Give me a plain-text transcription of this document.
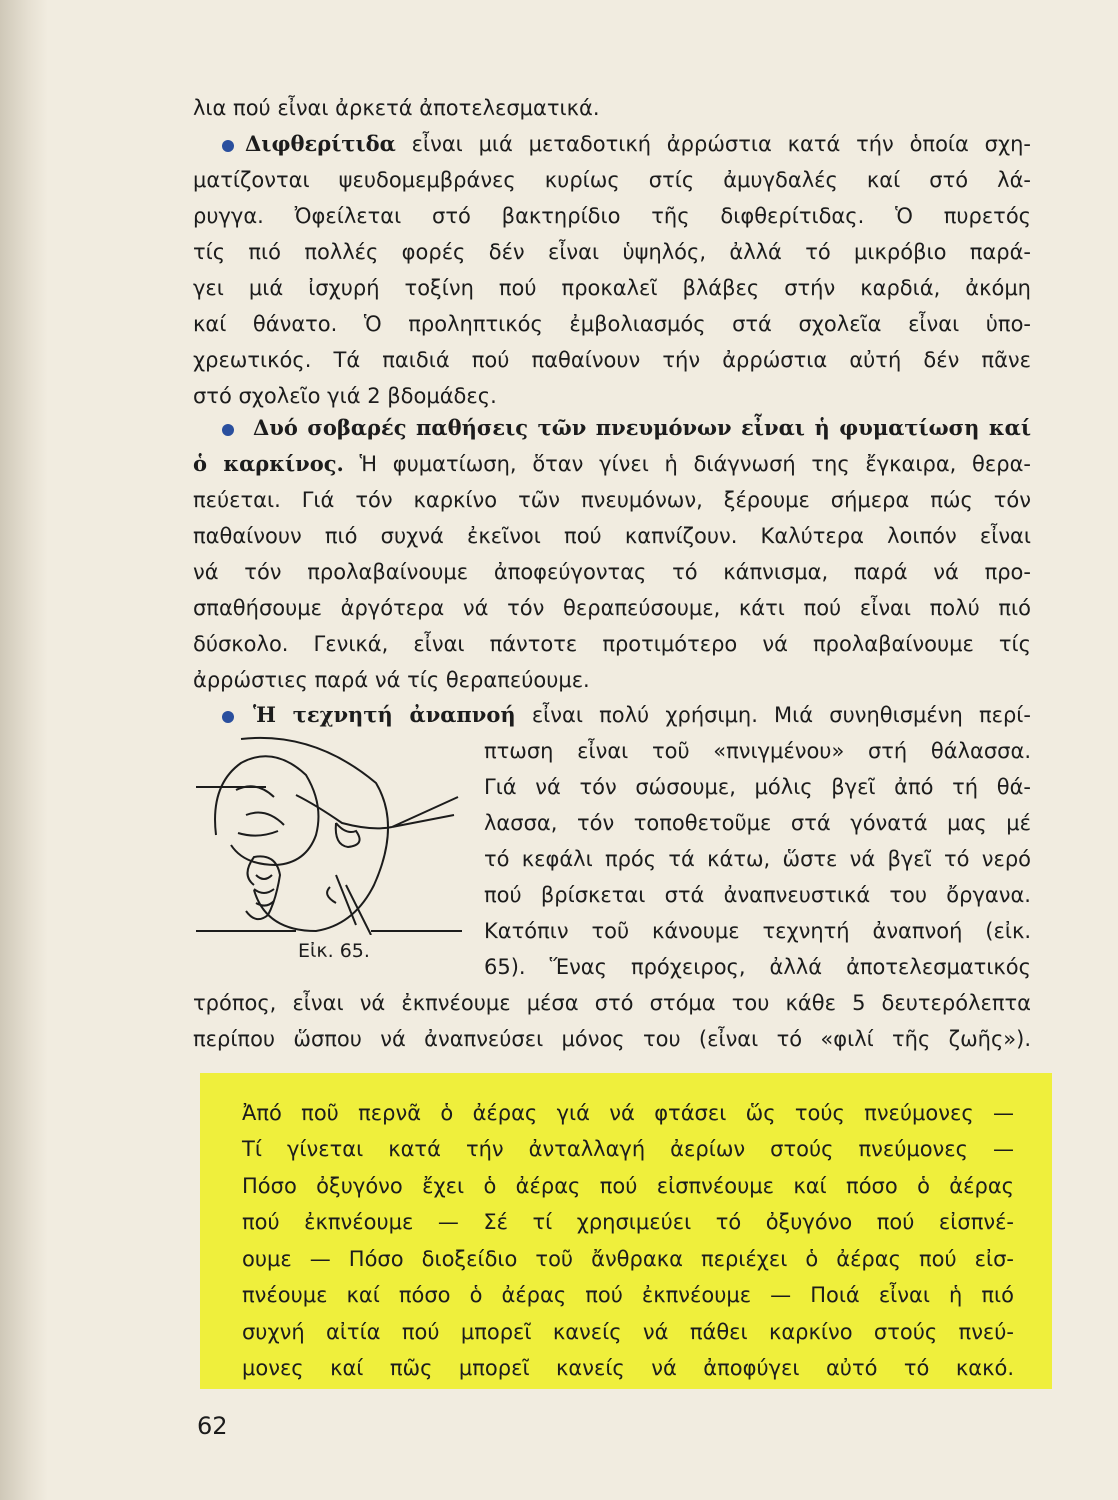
λια πού εἶναι ἀρκετά ἀποτελεσματικά.
Διφθερίτιδα εἶναι μιά μεταδοτική ἀρρώστια κατά τήν ὁποία σχη-
ματίζονται ψευδομεμβράνες κυρίως στίς ἀμυγδαλές καί στό λά-
ρυγγα. Ὀφείλεται στό βακτηρίδιο τῆς διφθερίτιδας. Ὁ πυρετός
τίς πιό πολλές φορές δέν εἶναι ὑψηλός, ἀλλά τό μικρόβιο παρά-
γει μιά ἰσχυρή τοξίνη πού προκαλεῖ βλάβες στήν καρδιά, ἀκόμη
καί θάνατο. Ὁ προληπτικός ἐμβολιασμός στά σχολεῖα εἶναι ὑπο-
χρεωτικός. Τά παιδιά πού παθαίνουν τήν ἀρρώστια αὐτή δέν πᾶνε
στό σχολεῖο γιά 2 βδομάδες.
Δυό σοβαρές παθήσεις τῶν πνευμόνων εἶναι ἡ φυματίωση καί
ὁ καρκίνος. Ἡ φυματίωση, ὅταν γίνει ἡ διάγνωσή της ἔγκαιρα, θερα-
πεύεται. Γιά τόν καρκίνο τῶν πνευμόνων, ξέρουμε σήμερα πώς τόν
παθαίνουν πιό συχνά ἐκεῖνοι πού καπνίζουν. Καλύτερα λοιπόν εἶναι
νά τόν προλαβαίνουμε ἀποφεύγοντας τό κάπνισμα, παρά νά προ-
σπαθήσουμε ἀργότερα νά τόν θεραπεύσουμε, κάτι πού εἶναι πολύ πιό
δύσκολο. Γενικά, εἶναι πάντοτε προτιμότερο νά προλαβαίνουμε τίς
ἀρρώστιες παρά νά τίς θεραπεύουμε.
Ἡ τεχνητή ἀναπνοή εἶναι πολύ χρήσιμη. Μιά συνηθισμένη περί-
Εἰκ. 65.
πτωση εἶναι τοῦ «πνιγμένου» στή θάλασσα.
Γιά νά τόν σώσουμε, μόλις βγεῖ ἀπό τή θά-
λασσα, τόν τοποθετοῦμε στά γόνατά μας μέ
τό κεφάλι πρός τά κάτω, ὥστε νά βγεῖ τό νερό
πού βρίσκεται στά ἀναπνευστικά του ὄργανα.
Κατόπιν τοῦ κάνουμε τεχνητή ἀναπνοή (εἰκ.
65). Ἕνας πρόχειρος, ἀλλά ἀποτελεσματικός
τρόπος, εἶναι νά ἐκπνέουμε μέσα στό στόμα του κάθε 5 δευτερόλεπτα
περίπου ὥσπου νά ἀναπνεύσει μόνος του (εἶναι τό «φιλί τῆς ζωῆς»).
Ἀπό ποῦ περνᾶ ὁ ἀέρας γιά νά φτάσει ὥς τούς πνεύμονες —
Τί γίνεται κατά τήν ἀνταλλαγή ἀερίων στούς πνεύμονες —
Πόσο ὀξυγόνο ἔχει ὁ ἀέρας πού εἰσπνέουμε καί πόσο ὁ ἀέρας
πού ἐκπνέουμε — Σέ τί χρησιμεύει τό ὀξυγόνο πού εἰσπνέ-
ουμε — Πόσο διοξείδιο τοῦ ἄνθρακα περιέχει ὁ ἀέρας πού εἰσ-
πνέουμε καί πόσο ὁ ἀέρας πού ἐκπνέουμε — Ποιά εἶναι ἡ πιό
συχνή αἰτία πού μπορεῖ κανείς νά πάθει καρκίνο στούς πνεύ-
μονες καί πῶς μπορεῖ κανείς νά ἀποφύγει αὐτό τό κακό.
62
